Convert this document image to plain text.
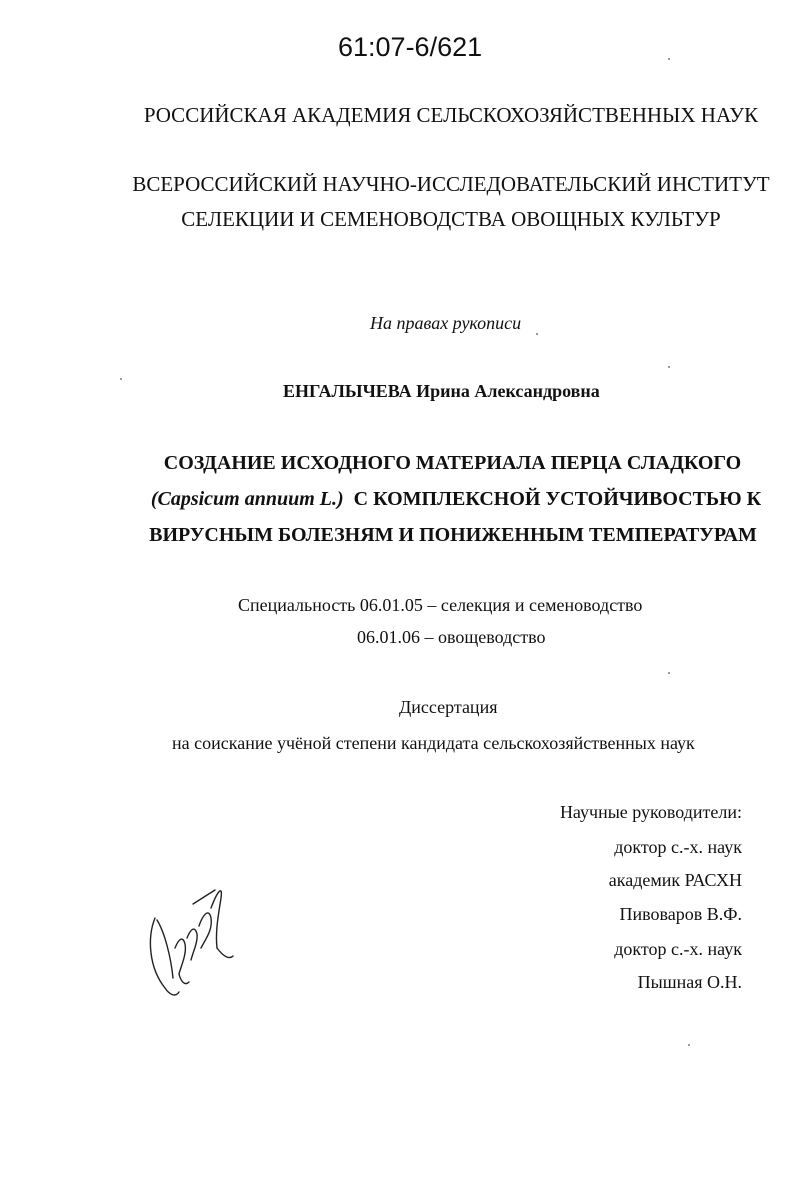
61:07-6/621
РОССИЙСКАЯ АКАДЕМИЯ СЕЛЬСКОХОЗЯЙСТВЕННЫХ НАУК
ВСЕРОССИЙСКИЙ НАУЧНО-ИССЛЕДОВАТЕЛЬСКИЙ ИНСТИТУТ
СЕЛЕКЦИИ И СЕМЕНОВОДСТВА ОВОЩНЫХ КУЛЬТУР
На правах рукописи
ЕНГАЛЫЧЕВА Ирина Александровна
СОЗДАНИЕ ИСХОДНОГО МАТЕРИАЛА ПЕРЦА СЛАДКОГО
(Capsicum annuum L.) С КОМПЛЕКСНОЙ УСТОЙЧИВОСТЬЮ К
ВИРУСНЫМ БОЛЕЗНЯМ И ПОНИЖЕННЫМ ТЕМПЕРАТУРАМ
Специальность 06.01.05 – селекция и семеноводство
06.01.06 – овощеводство
Диссертация
на соискание учёной степени кандидата сельскохозяйственных наук
Научные руководители:
доктор с.-х. наук
академик РАСХН
Пивоваров В.Ф.
доктор с.-х. наук
Пышная О.Н.
